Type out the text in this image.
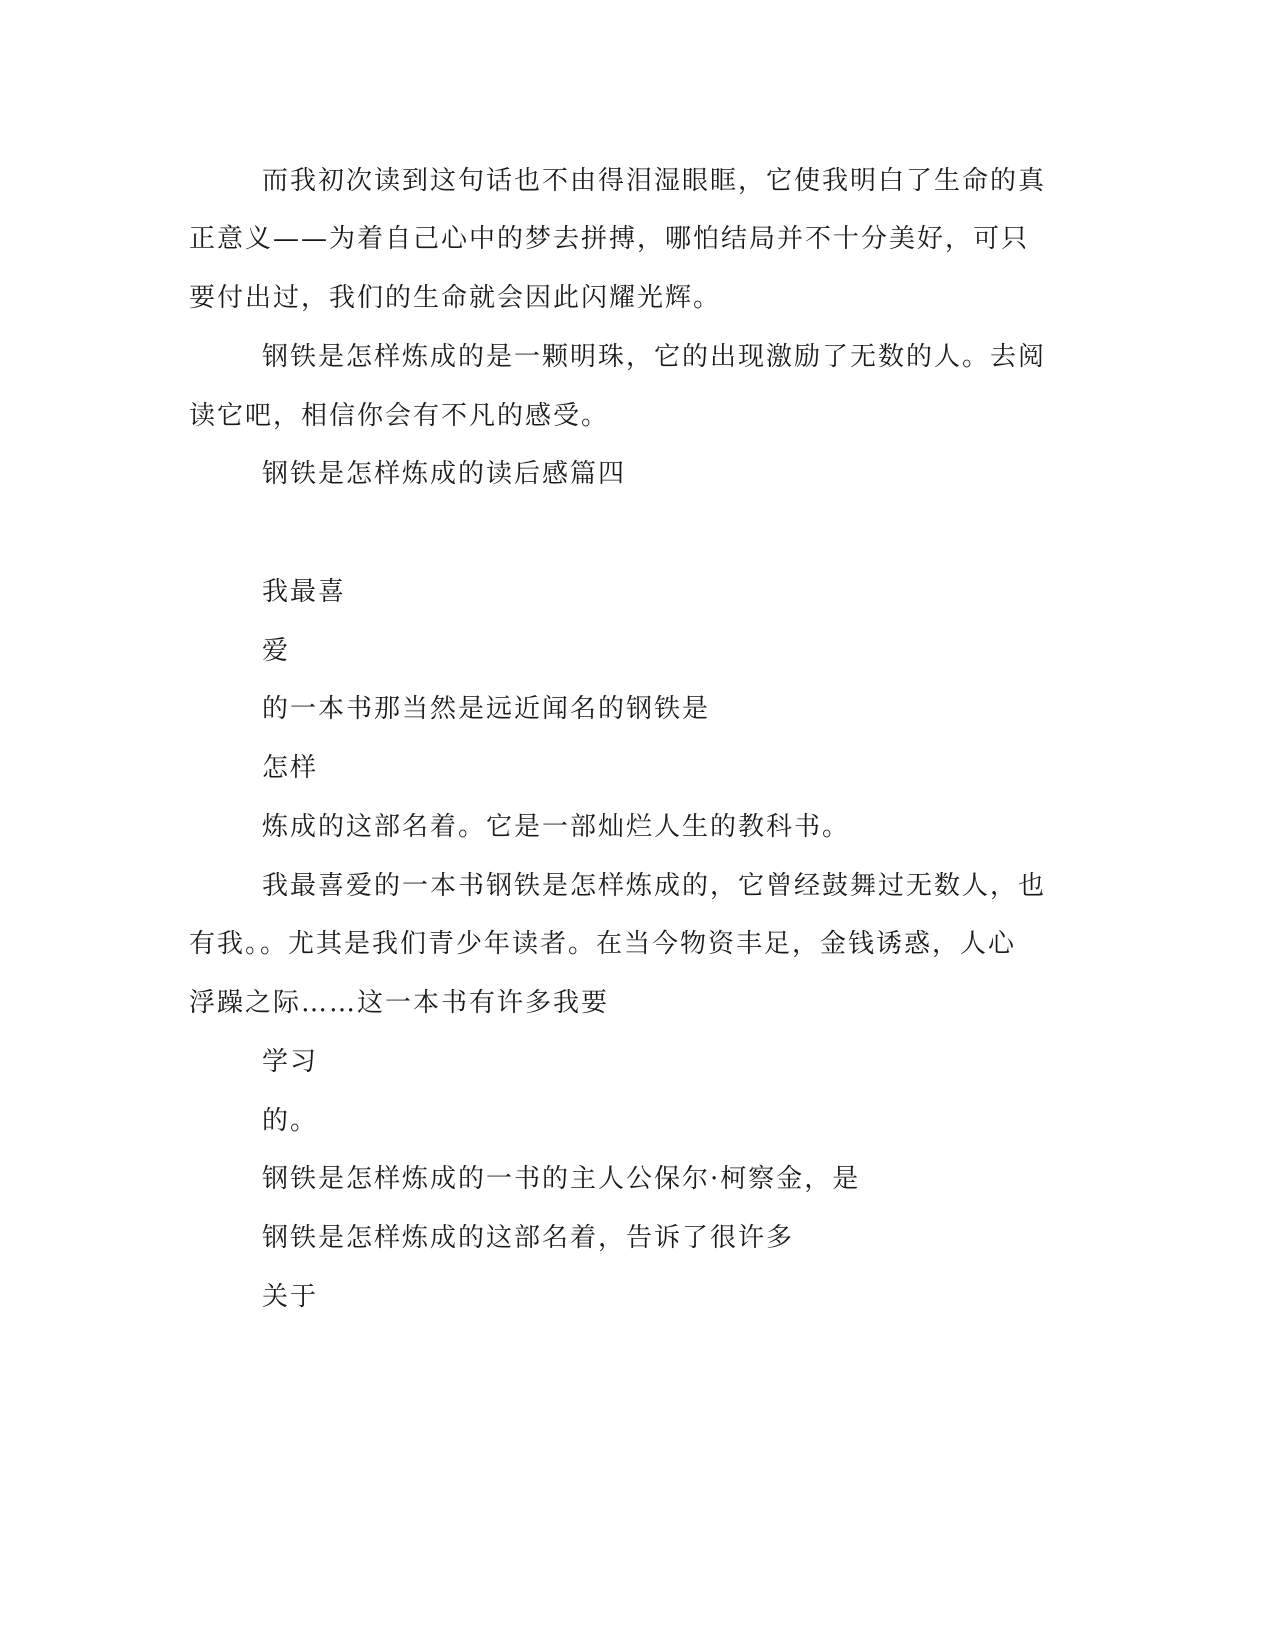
而我初次读到这句话也不由得泪湿眼眶，它使我明白了生命的真
正意义——为着自己心中的梦去拼搏，哪怕结局并不十分美好，可只
要付出过，我们的生命就会因此闪耀光辉。
钢铁是怎样炼成的是一颗明珠，它的出现激励了无数的人。去阅
读它吧，相信你会有不凡的感受。
钢铁是怎样炼成的读后感篇四
我最喜
爱
的一本书那当然是远近闻名的钢铁是
怎样
炼成的这部名着。它是一部灿烂人生的教科书。
我最喜爱的一本书钢铁是怎样炼成的，它曾经鼓舞过无数人，也
有我。。尤其是我们青少年读者。在当今物资丰足，金钱诱惑，人心
浮躁之际……这一本书有许多我要
学习
的。
钢铁是怎样炼成的一书的主人公保尔·柯察金，是
钢铁是怎样炼成的这部名着，告诉了很许多
关于
